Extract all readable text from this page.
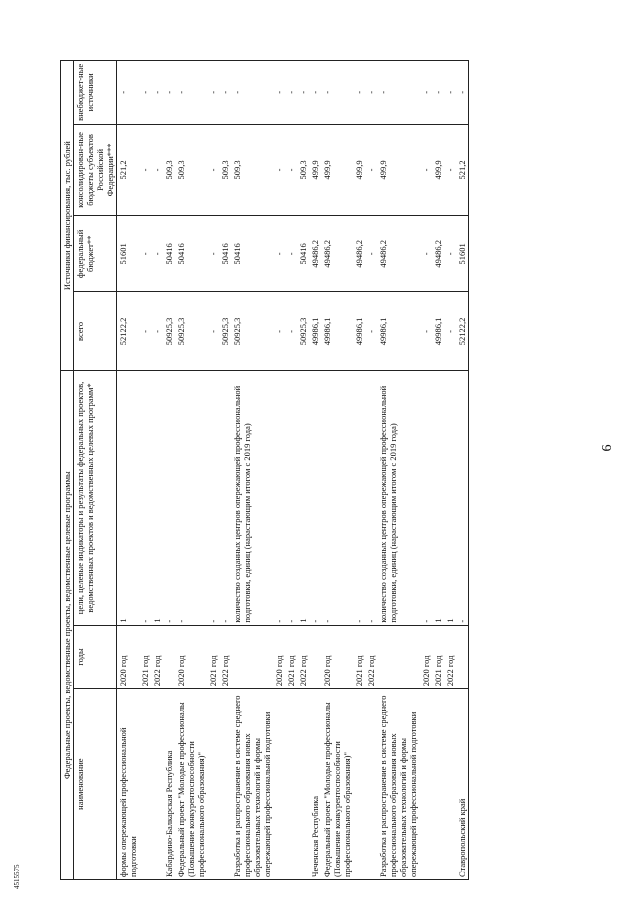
6
4515575
Федеральные проекты, ведомственные проекты, ведомственные целевые программы			Источники финансирования, тыс. рублей			
наименование	годы	цели, целевые индикаторы и результаты федеральных проектов, ведомственных проектов и ведомственных целевых программ*	всего	федеральный бюджет**	консолидирован-ные бюджеты субъектов Российской Федерации***	внебюджет-ные источники
формы опережающей профессиональной подготовки	2020 год	1	52122,2	51601	521,2	-
	2021 год	-	-	-	-	-
	2022 год	1	-	-	-	-
Кабардино-Балкарская Республика		-	50925,3	50416	509,3	-
Федеральный проект "Молодые профессионалы (Повышение конкурентоспособности профессионального образования)"	2020 год	-	50925,3	50416	509,3	-
	2021 год	-	-	-	-	-
	2022 год	-	50925,3	50416	509,3	-
Разработка и распространение в системе среднего профессионального образования новых образовательных технологий и формы опережающей профессиональной подготовки		количество созданных центров опережающей профессиональной подготовки, единиц (нарастающим итогом с 2019 года)	50925,3	50416	509,3	-
	2020 год	-	-	-	-	-
	2021 год	-	-	-	-	-
	2022 год	1	50925,3	50416	509,3	-
Чеченская Республика		-	49986,1	49486,2	499,9	-
Федеральный проект "Молодые профессионалы (Повышение конкурентоспособности профессионального образования)"	2020 год	-	49986,1	49486,2	499,9	-
	2021 год	-	49986,1	49486,2	499,9	-
	2022 год	-	-	-	-	-
Разработка и распространение в системе среднего профессионального образования новых образовательных технологий и формы опережающей профессиональной подготовки		количество созданных центров опережающей профессиональной подготовки, единиц (нарастающим итогом с 2019 года)	49986,1	49486,2	499,9	-
	2020 год	-	-	-	-	-
	2021 год	1	49986,1	49486,2	499,9	-
	2022 год	1	-	-	-	-
Ставропольский край		-	52122,2	51601	521,2	-
